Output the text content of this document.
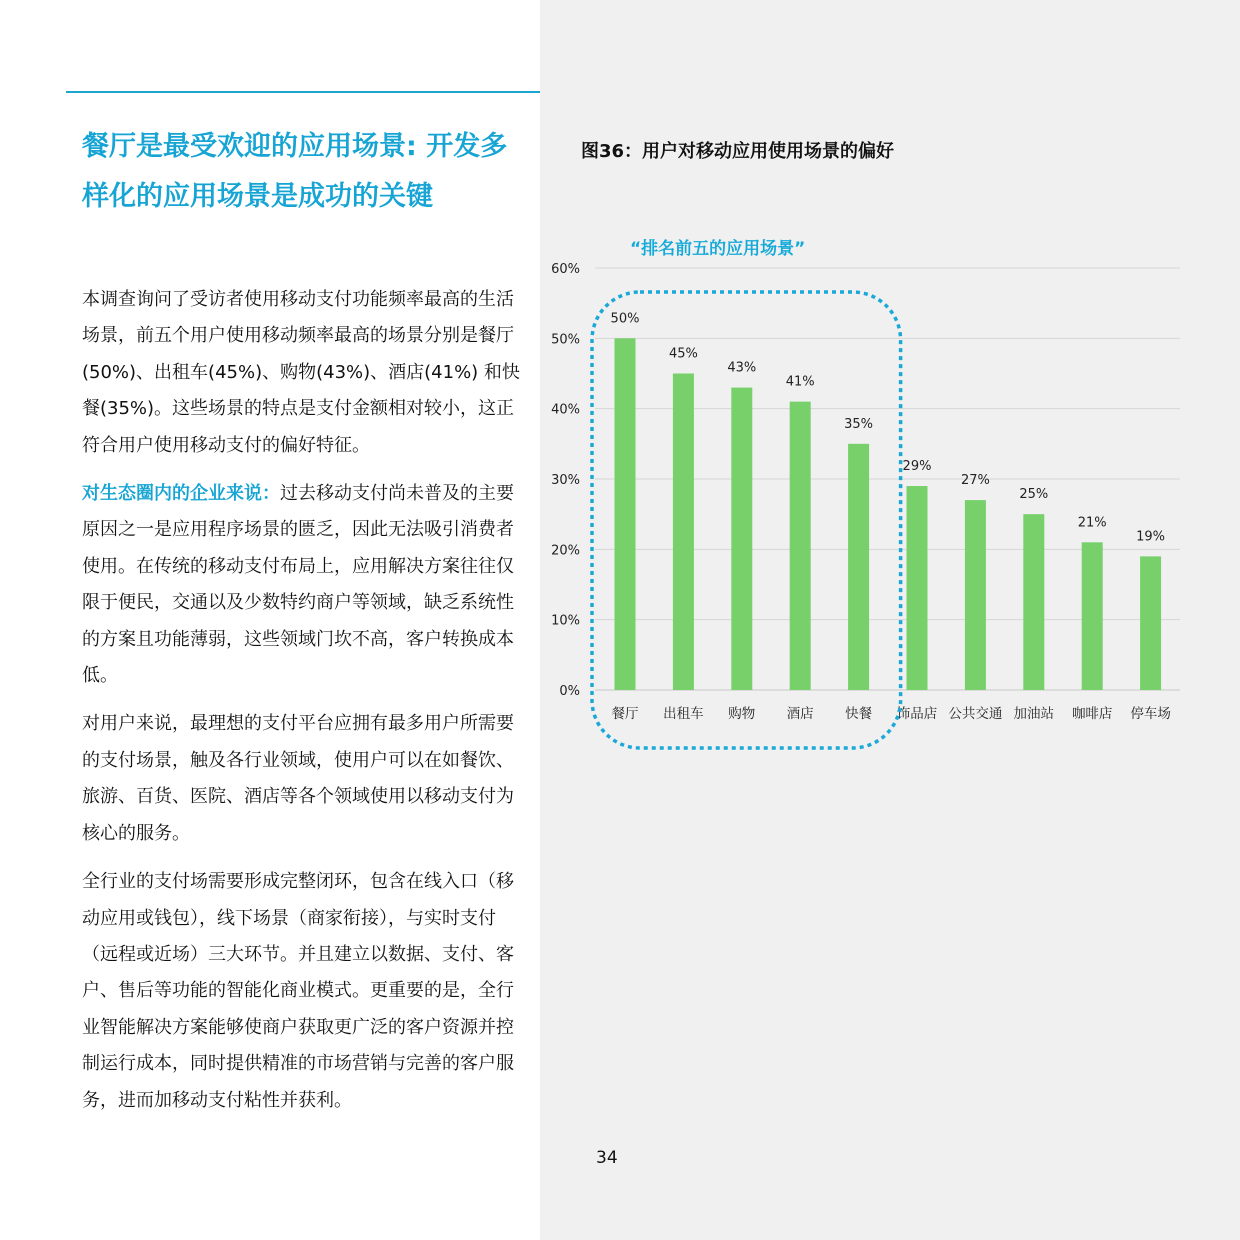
餐厅是最受欢迎的应用场景: 开发多样化的应用场景是成功的关键

本调查询问了受访者使用移动支付功能频率最高的生活场景，前五个用户使用移动频率最高的场景分别是餐厅(50%)、出租车(45%)、购物(43%)、酒店(41%) 和快餐(35%)。这些场景的特点是支付金额相对较小，这正符合用户使用移动支付的偏好特征。

对生态圈内的企业来说：过去移动支付尚未普及的主要原因之一是应用程序场景的匮乏，因此无法吸引消费者使用。在传统的移动支付布局上，应用解决方案往往仅限于便民，交通以及少数特约商户等领域，缺乏系统性的方案且功能薄弱，这些领域门坎不高，客户转换成本低。

对用户来说，最理想的支付平台应拥有最多用户所需要的支付场景，触及各行业领域，使用户可以在如餐饮、旅游、百货、医院、酒店等各个领域使用以移动支付为核心的服务。

全行业的支付场需要形成完整闭环，包含在线入口（移动应用或钱包），线下场景（商家衔接），与实时支付（远程或近场）三大环节。并且建立以数据、支付、客户、售后等功能的智能化商业模式。更重要的是，全行业智能解决方案能够使商户获取更广泛的客户资源并控制运行成本，同时提供精准的市场营销与完善的客户服务，进而加移动支付粘性并获利。

图36：用户对移动应用使用场景的偏好
“排名前五的应用场景”
0%
10%
20%
30%
40%
50%
60%
50%
餐厅
45%
出租车
43%
购物
41%
酒店
35%
快餐
29%
饰品店
27%
公共交通
25%
加油站
21%
咖啡店
19%
停车场
34
